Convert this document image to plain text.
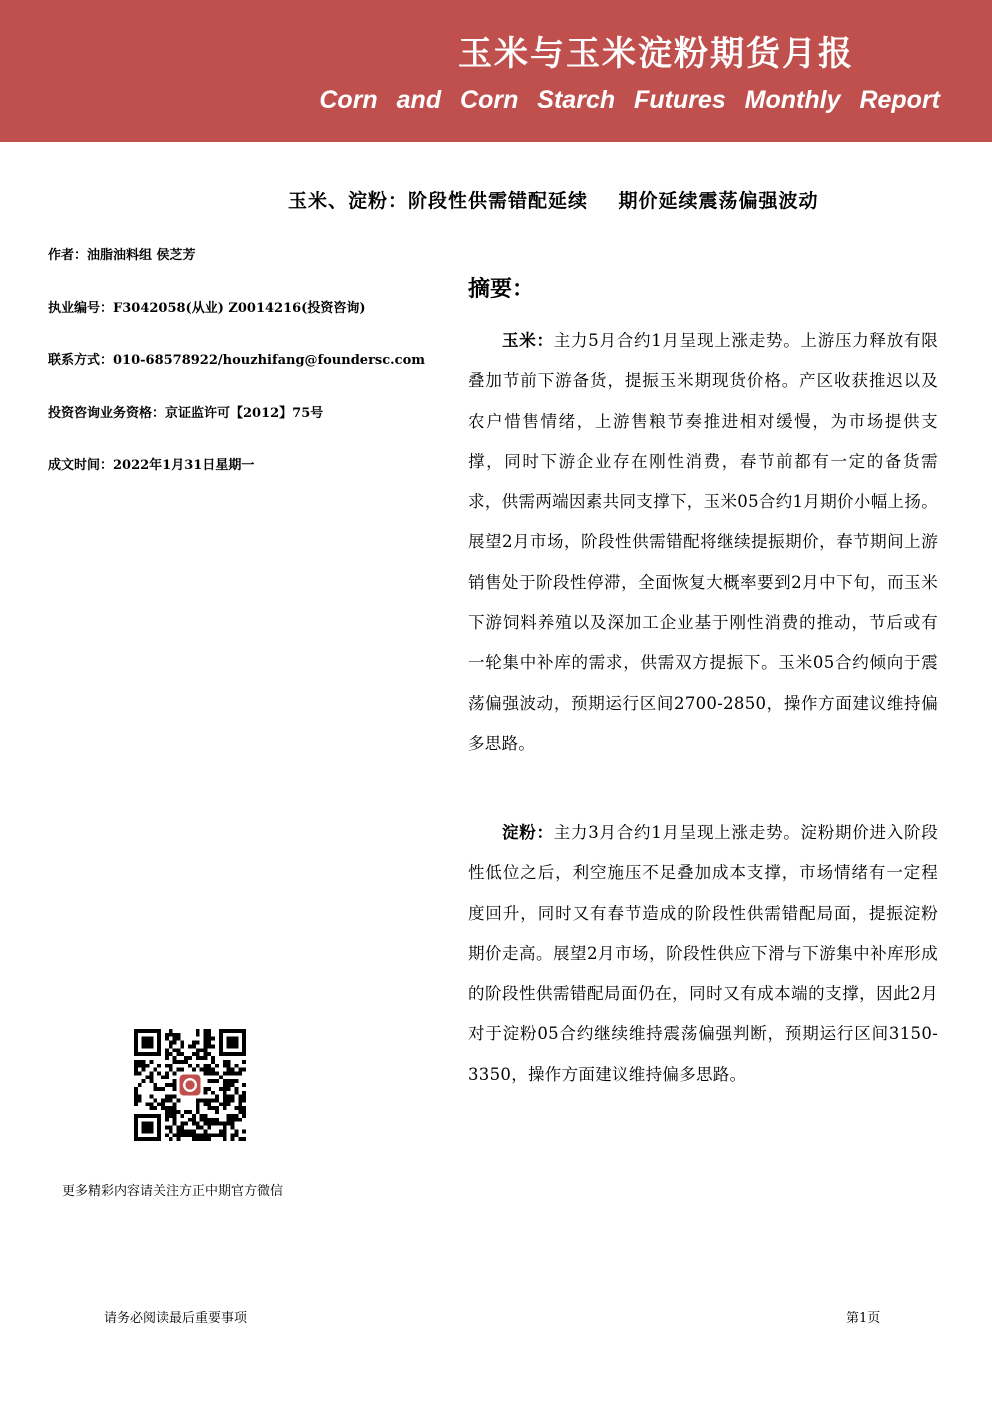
玉米与玉米淀粉期货月报
Corn and Corn Starch Futures Monthly Report
玉米、淀粉：阶段性供需错配延续    期价延续震荡偏强波动
作者：油脂油料组 侯芝芳
执业编号：F3042058(从业) Z0014216(投资咨询)
联系方式：010-68578922/houzhifang@foundersc.com
投资咨询业务资格：京证监许可【2012】75号
成文时间：2022年1月31日星期一
摘要：
玉米：主力5月合约1月呈现上涨走势。上游压力释放有限叠加节前下游备货，提振玉米期现货价格。产区收获推迟以及农户惜售情绪，上游售粮节奏推进相对缓慢，为市场提供支撑，同时下游企业存在刚性消费，春节前都有一定的备货需求，供需两端因素共同支撑下，玉米05合约1月期价小幅上扬。展望2月市场，阶段性供需错配将继续提振期价，春节期间上游销售处于阶段性停滞，全面恢复大概率要到2月中下旬，而玉米下游饲料养殖以及深加工企业基于刚性消费的推动，节后或有一轮集中补库的需求，供需双方提振下。玉米05合约倾向于震荡偏强波动，预期运行区间2700-2850，操作方面建议维持偏多思路。
淀粉：主力3月合约1月呈现上涨走势。淀粉期价进入阶段性低位之后，利空施压不足叠加成本支撑，市场情绪有一定程度回升，同时又有春节造成的阶段性供需错配局面，提振淀粉期价走高。展望2月市场，阶段性供应下滑与下游集中补库形成的阶段性供需错配局面仍在，同时又有成本端的支撑，因此2月对于淀粉05合约继续维持震荡偏强判断，预期运行区间3150-3350，操作方面建议维持偏多思路。
更多精彩内容请关注方正中期官方微信
请务必阅读最后重要事项	第1页
